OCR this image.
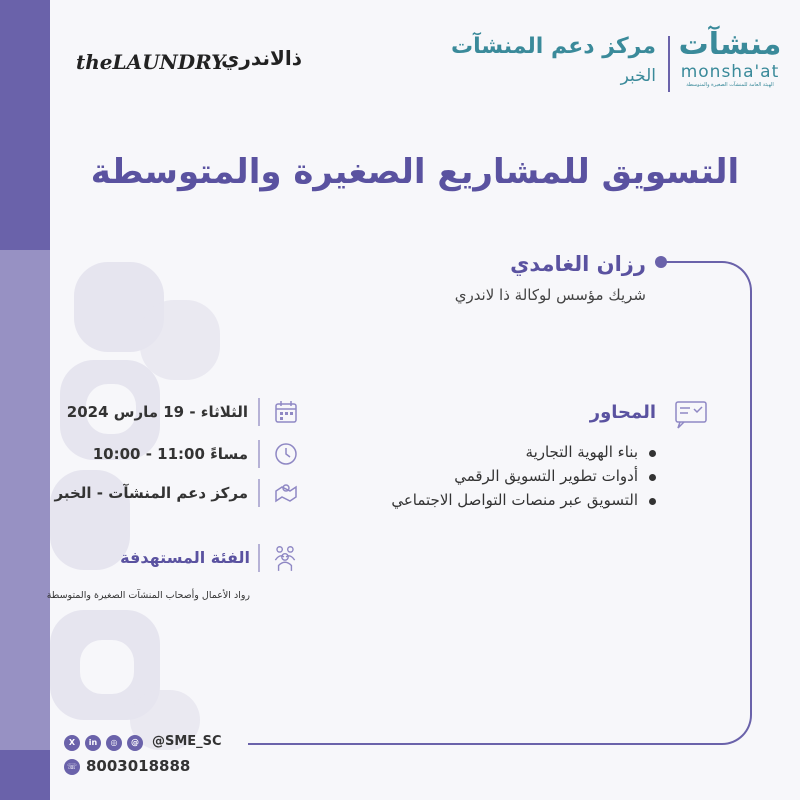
منشآت
monsha'at
الهيئة العامة للمنشآت الصغيرة والمتوسطة
مركز دعم المنشآت
الخبر
theLAUNDRY
ذالاندري
التسويق للمشاريع الصغيرة والمتوسطة
رزان الغامدي
شريك مؤسس لوكالة ذا لاندري
المحاور
بناء الهوية التجارية
أدوات تطوير التسويق الرقمي
التسويق عبر منصات التواصل الاجتماعي
الثلاثاء - 19 مارس 2024
10:00 - 11:00 مساءً
مركز دعم المنشآت - الخبر
الفئة المستهدفة
رواد الأعمال وأصحاب المنشآت الصغيرة والمتوسطة
X	in	◎	@	@SME_SC
☏ 8003018888
